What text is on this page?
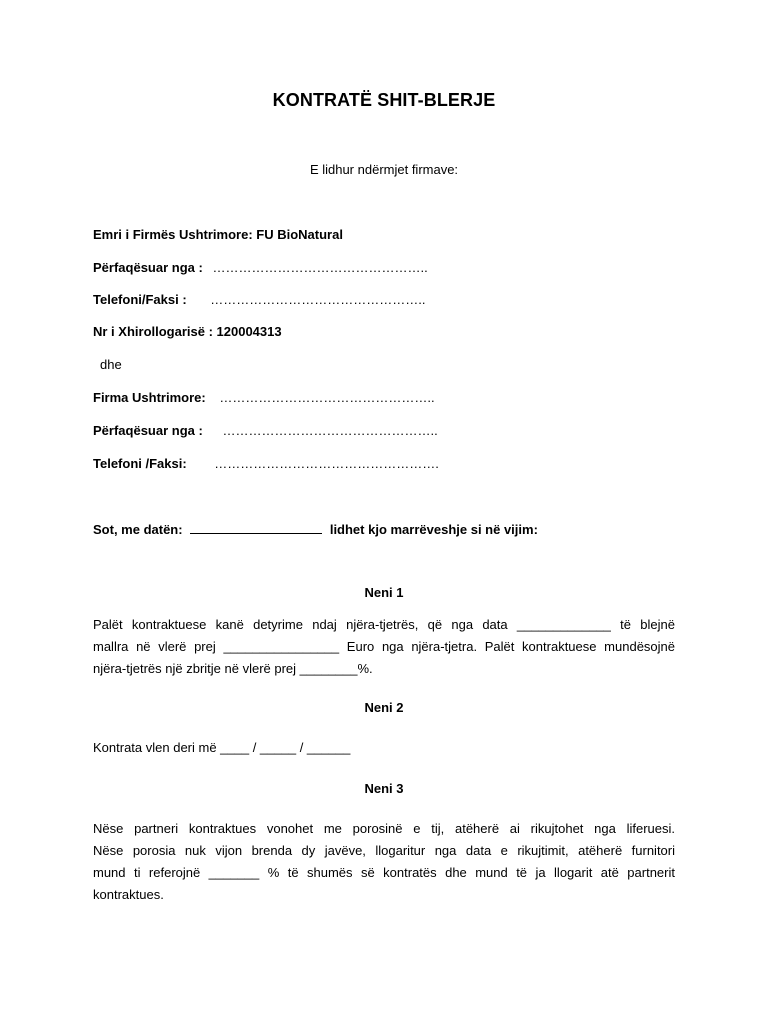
KONTRATË SHIT-BLERJE
E lidhur ndërmjet firmave:
Emri i Firmës Ushtrimore: FU BioNatural
Përfaqësuar nga : …………………………………………..
Telefoni/Faksi : …………………………………………..
Nr i Xhirollogarisë : 120004313
dhe
Firma Ushtrimore: …………………………………………..
Përfaqësuar nga : …………………………………………..
Telefoni /Faksi: …………………………………………….
Sot, me datën:	lidhet kjo marrëveshje si në vijim:
Neni 1
Palët kontraktuese kanë detyrime ndaj njëra-tjetrës, që nga data _____________ të blejnë
mallra në vlerë prej ________________ Euro nga njëra-tjetra. Palët kontraktuese mundësojnë
njëra-tjetrës një zbritje në vlerë prej ________%.
Neni 2
Kontrata vlen deri më ____ / _____ / ______
Neni 3
Nëse partneri kontraktues vonohet me porosinë e tij, atëherë ai rikujtohet nga liferuesi.
Nëse porosia nuk vijon brenda dy javëve, llogaritur nga data e rikujtimit, atëherë furnitori
mund ti referojnë _______ % të shumës së kontratës dhe mund të ja llogarit atë partnerit
kontraktues.
